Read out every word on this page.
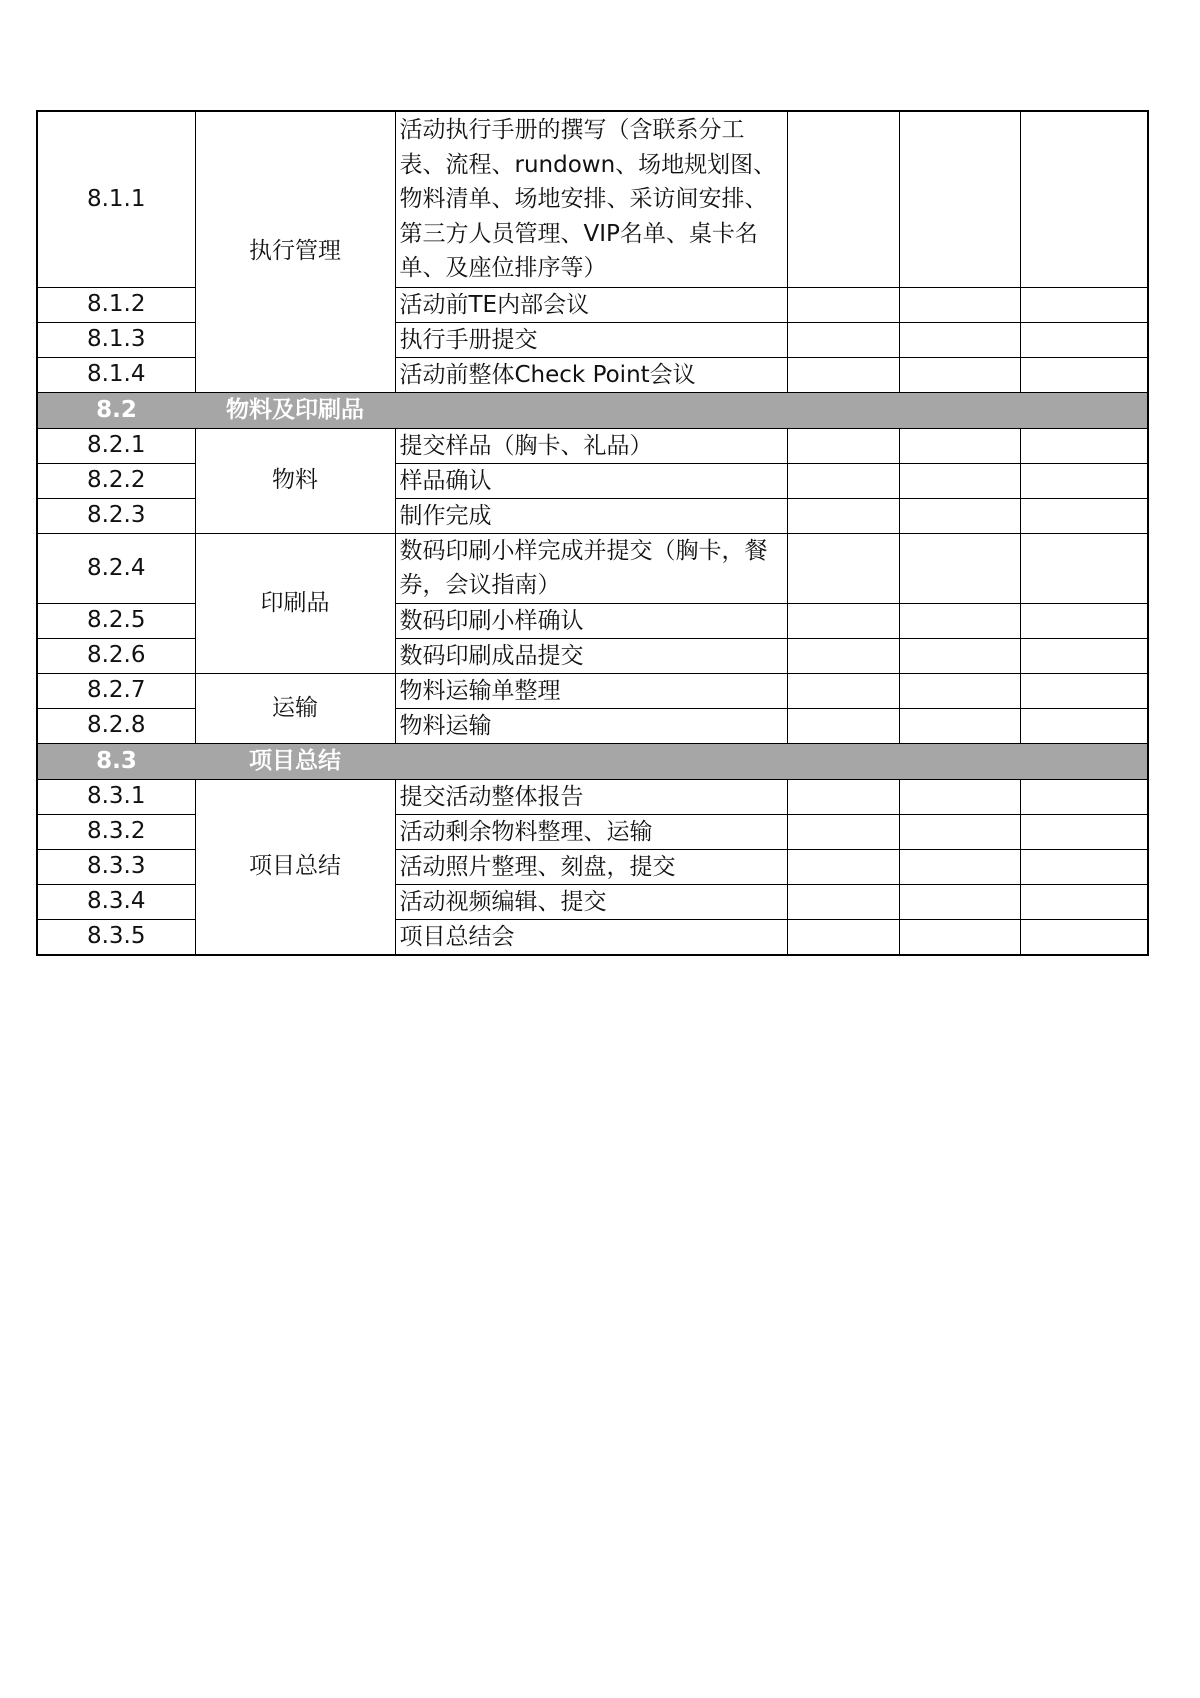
8.1.1	执行管理	活动执行手册的撰写（含联系分工表、流程、rundown、场地规划图、物料清单、场地安排、采访间安排、第三方人员管理、VIP名单、桌卡名单、及座位排序等）			
8.1.2		活动前TE内部会议			
8.1.3		执行手册提交			
8.1.4		活动前整体Check Point会议			
8.2	物料及印刷品				
8.2.1	物料	提交样品（胸卡、礼品）			
8.2.2		样品确认			
8.2.3		制作完成			
8.2.4	印刷品	数码印刷小样完成并提交（胸卡，餐券，会议指南）			
8.2.5		数码印刷小样确认			
8.2.6		数码印刷成品提交			
8.2.7	运输	物料运输单整理			
8.2.8		物料运输			
8.3	项目总结				
8.3.1	项目总结	提交活动整体报告			
8.3.2		活动剩余物料整理、运输			
8.3.3		活动照片整理、刻盘，提交			
8.3.4		活动视频编辑、提交			
8.3.5		项目总结会			
